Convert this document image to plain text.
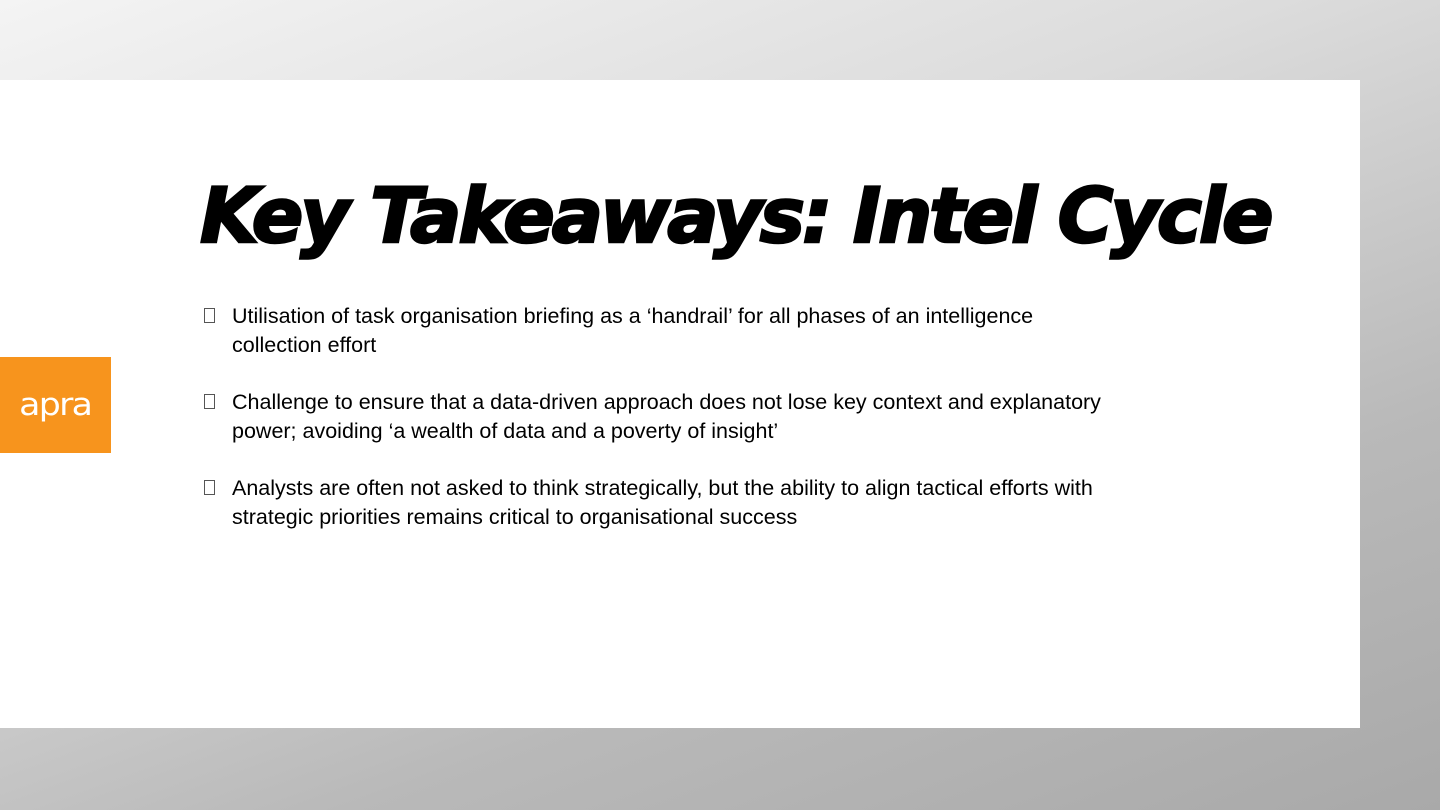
Key Takeaways: Intel Cycle
apra
Utilisation of task organisation briefing as a ‘handrail’ for all phases of an intelligence collection effort
Challenge to ensure that a data-driven approach does not lose key context and explanatory power; avoiding ‘a wealth of data and a poverty of insight’
Analysts are often not asked to think strategically, but the ability to align tactical efforts with strategic priorities remains critical to organisational success
